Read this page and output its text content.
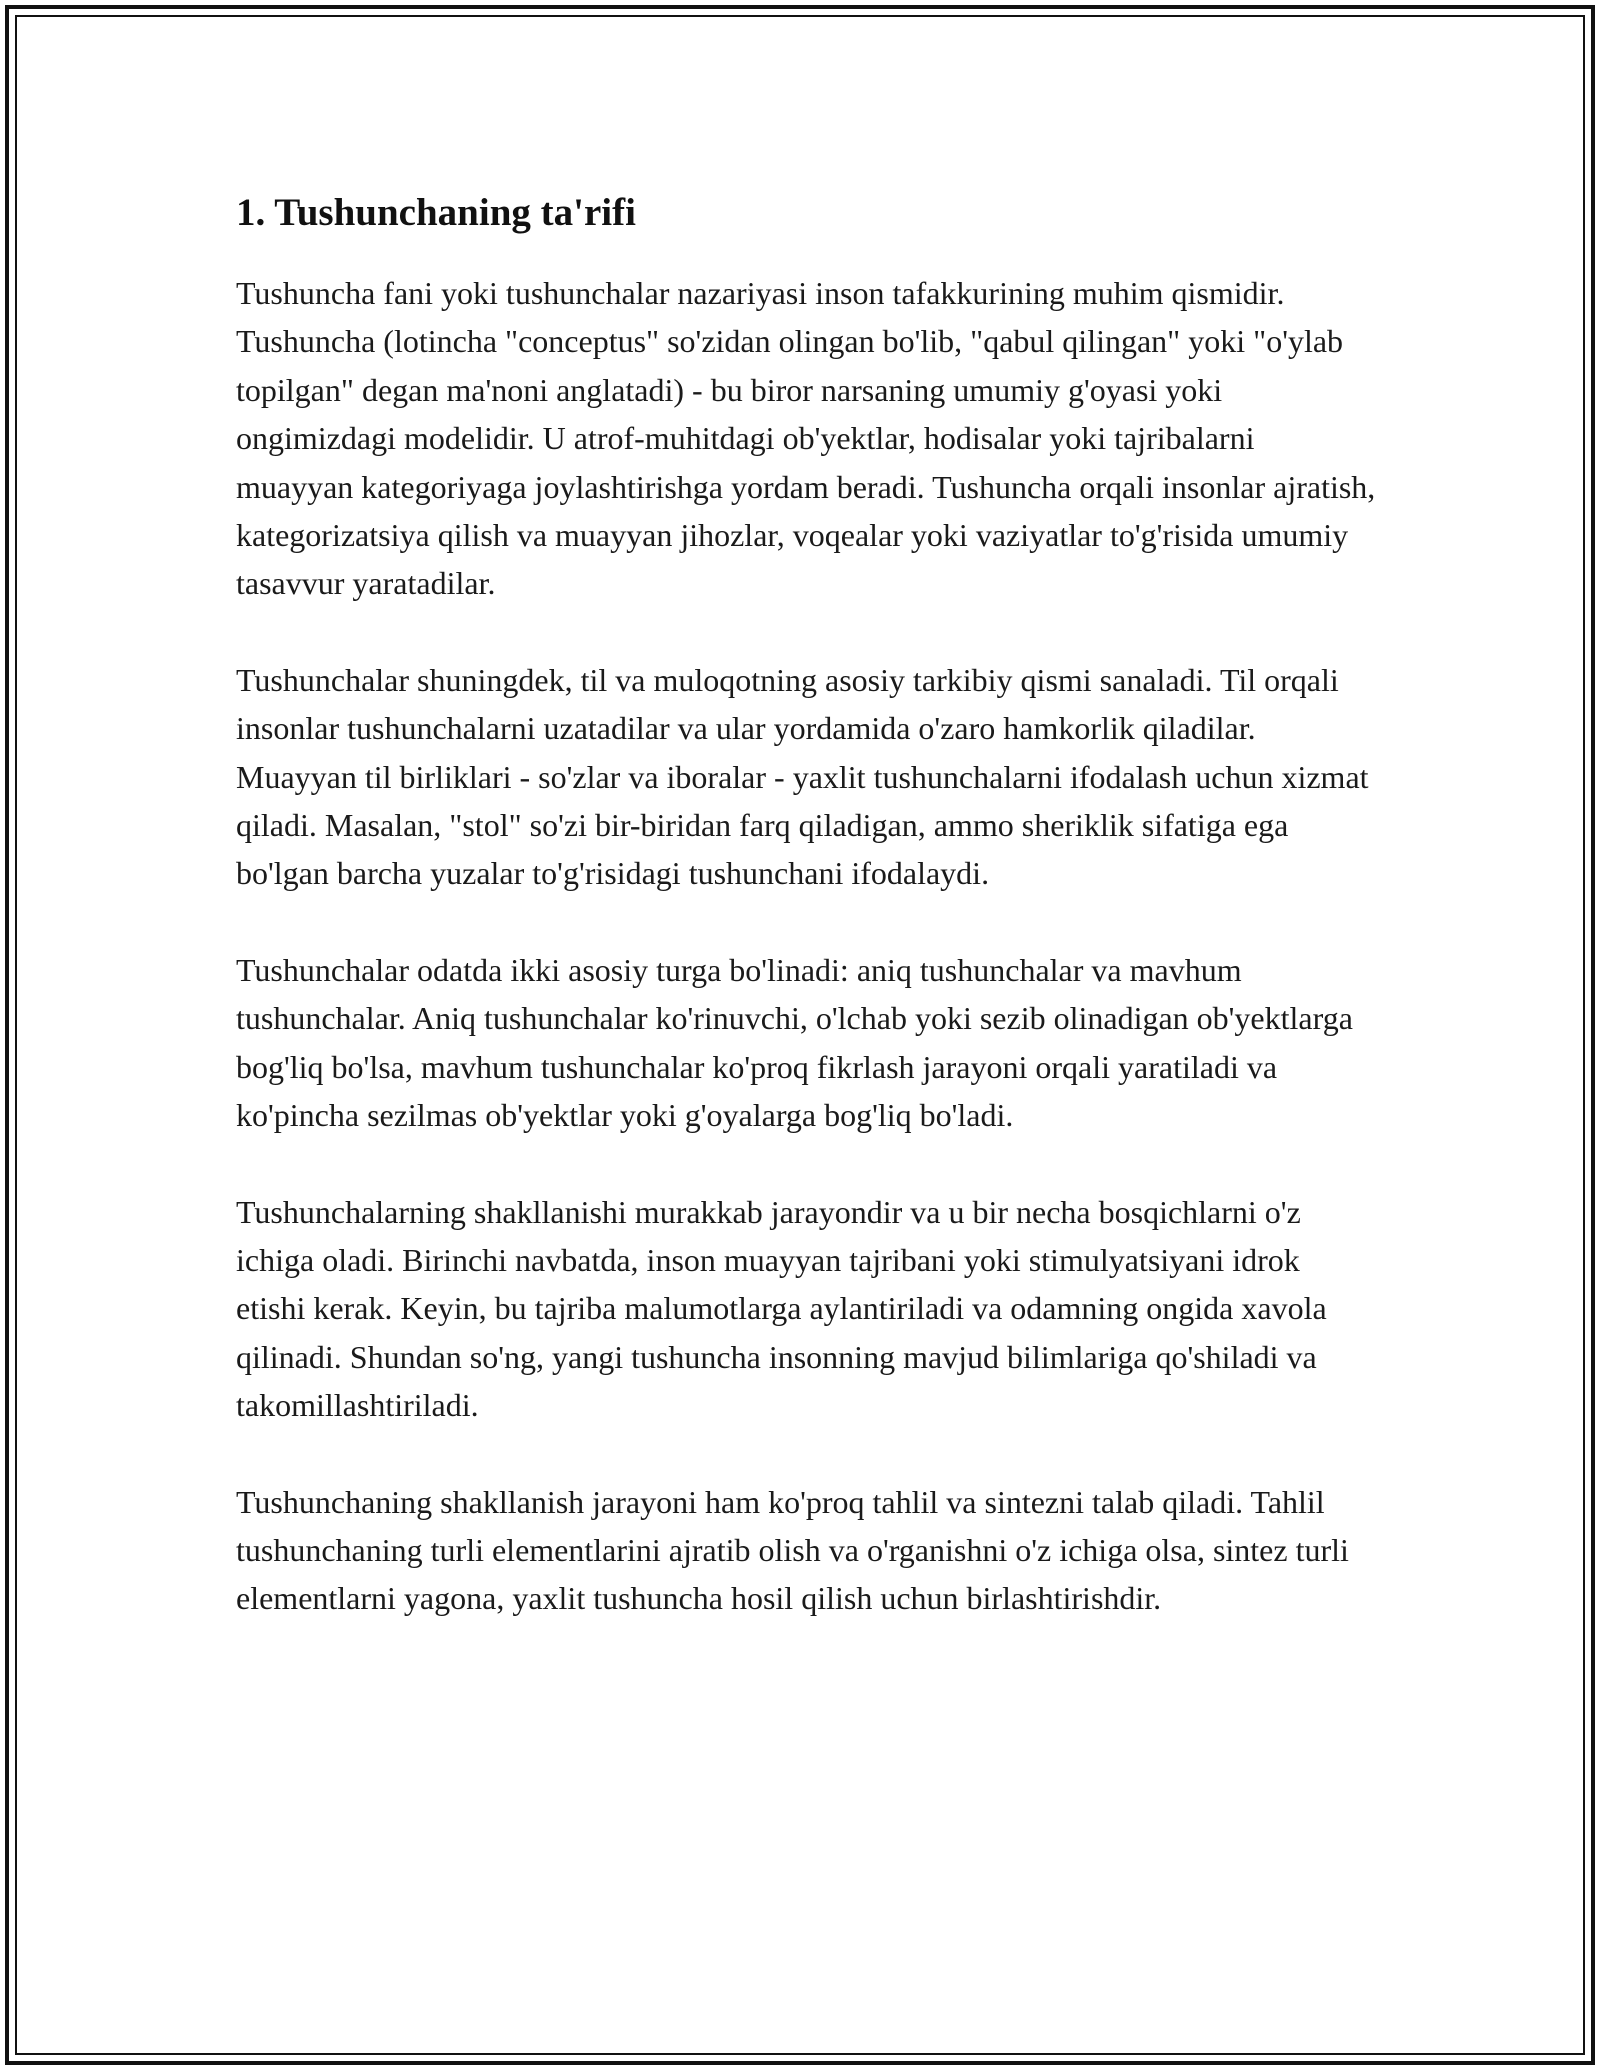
1. Tushunchaning ta'rifi

Tushuncha fani yoki tushunchalar nazariyasi inson tafakkurining muhim qismidir. Tushuncha (lotincha "conceptus" so'zidan olingan bo'lib, "qabul qilingan" yoki "o'ylab topilgan" degan ma'noni anglatadi) - bu biror narsaning umumiy g'oyasi yoki ongimizdagi modelidir. U atrof-muhitdagi ob'yektlar, hodisalar yoki tajribalarni muayyan kategoriyaga joylashtirishga yordam beradi. Tushuncha orqali insonlar ajratish, kategorizatsiya qilish va muayyan jihozlar, voqealar yoki vaziyatlar to'g'risida umumiy tasavvur yaratadilar.

Tushunchalar shuningdek, til va muloqotning asosiy tarkibiy qismi sanaladi. Til orqali insonlar tushunchalarni uzatadilar va ular yordamida o'zaro hamkorlik qiladilar. Muayyan til birliklari - so'zlar va iboralar - yaxlit tushunchalarni ifodalash uchun xizmat qiladi. Masalan, "stol" so'zi bir-biridan farq qiladigan, ammo sheriklik sifatiga ega bo'lgan barcha yuzalar to'g'risidagi tushunchani ifodalaydi.

Tushunchalar odatda ikki asosiy turga bo'linadi: aniq tushunchalar va mavhum tushunchalar. Aniq tushunchalar ko'rinuvchi, o'lchab yoki sezib olinadigan ob'yektlarga bog'liq bo'lsa, mavhum tushunchalar ko'proq fikrlash jarayoni orqali yaratiladi va ko'pincha sezilmas ob'yektlar yoki g'oyalarga bog'liq bo'ladi.

Tushunchalarning shakllanishi murakkab jarayondir va u bir necha bosqichlarni o'z ichiga oladi. Birinchi navbatda, inson muayyan tajribani yoki stimulyatsiyani idrok etishi kerak. Keyin, bu tajriba malumotlarga aylantiriladi va odamning ongida xavola qilinadi. Shundan so'ng, yangi tushuncha insonning mavjud bilimlariga qo'shiladi va takomillashtiriladi.

Tushunchaning shakllanish jarayoni ham ko'proq tahlil va sintezni talab qiladi. Tahlil tushunchaning turli elementlarini ajratib olish va o'rganishni o'z ichiga olsa, sintez turli elementlarni yagona, yaxlit tushuncha hosil qilish uchun birlashtirishdir.
